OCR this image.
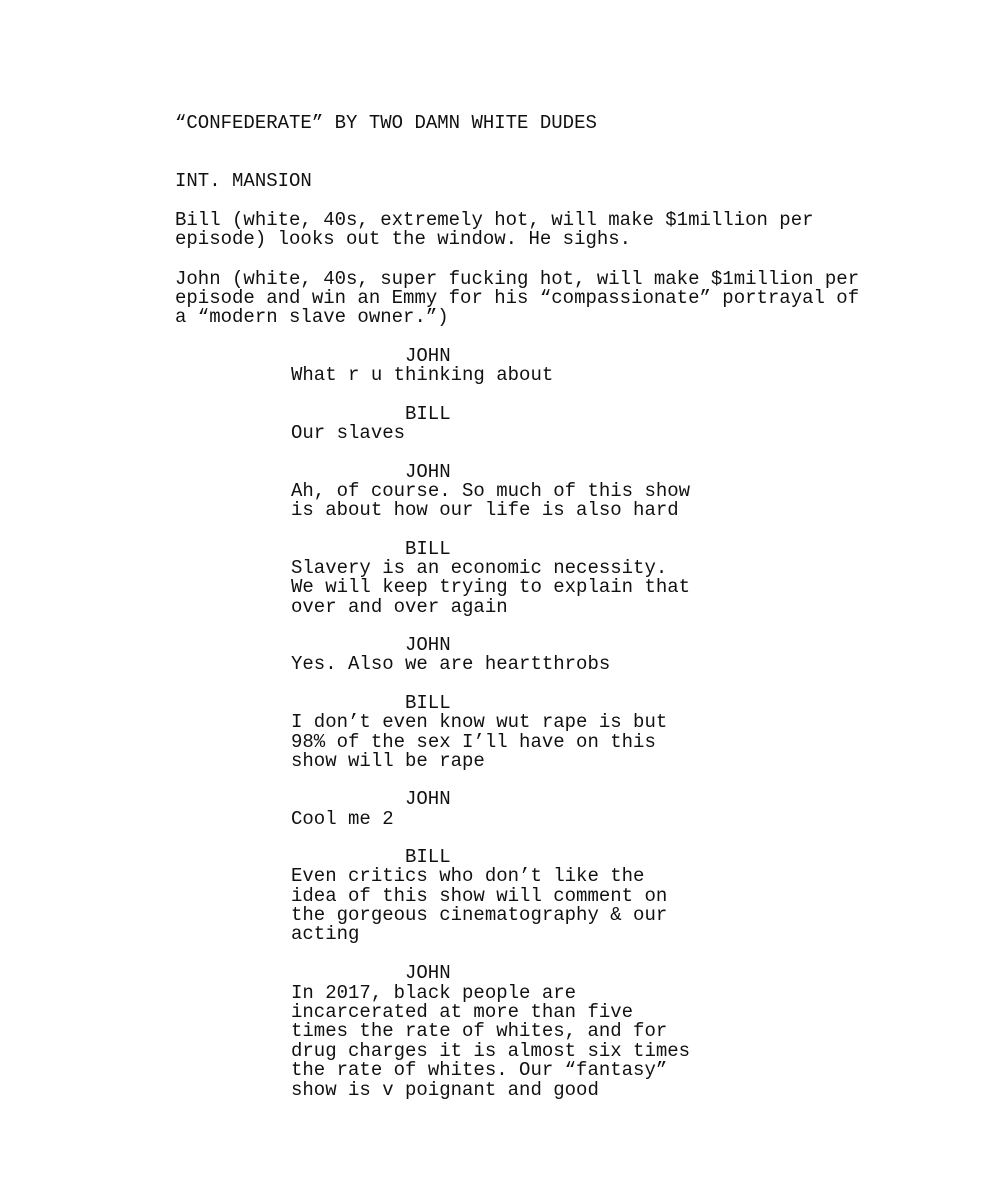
“CONFEDERATE” BY TWO DAMN WHITE DUDES

INT. MANSION

Bill (white, 40s, extremely hot, will make $1million per

episode) looks out the window. He sighs.

John (white, 40s, super fucking hot, will make $1million per

episode and win an Emmy for his “compassionate” portrayal of

a “modern slave owner.”)

JOHN

What r u thinking about

BILL

Our slaves

JOHN

Ah, of course. So much of this show

is about how our life is also hard

BILL

Slavery is an economic necessity.

We will keep trying to explain that

over and over again

JOHN

Yes. Also we are heartthrobs

BILL

I don’t even know wut rape is but

98% of the sex I’ll have on this

show will be rape

JOHN

Cool me 2

BILL

Even critics who don’t like the

idea of this show will comment on

the gorgeous cinematography & our

acting

JOHN

In 2017, black people are

incarcerated at more than five

times the rate of whites, and for

drug charges it is almost six times

the rate of whites. Our “fantasy”

show is v poignant and good
